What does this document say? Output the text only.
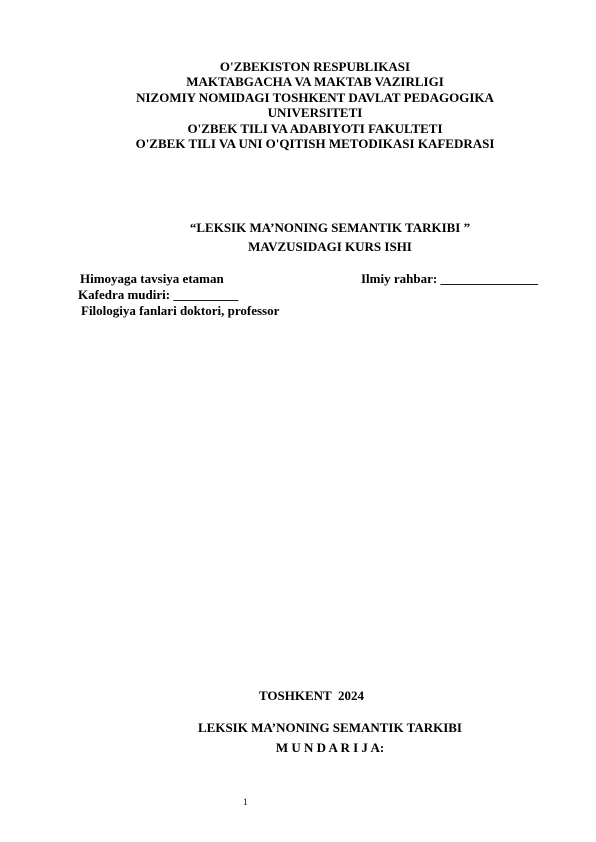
O'ZBEKISTON RESPUBLIKASI
MAKTABGACHA VA MAKTAB VAZIRLIGI
NIZOMIY NOMIDAGI TOSHKENT DAVLAT PEDAGOGIKA
UNIVERSITETI
O'ZBEK TILI VA ADABIYOTI FAKULTETI
O'ZBEK TILI VA UNI O'QITISH METODIKASI KAFEDRASI
“LEKSIK MA’NONING SEMANTIK TARKIBI ”
MAVZUSIDAGI KURS ISHI
Himoyaga tavsiya etaman	Ilmiy rahbar: _______________
Kafedra mudiri: __________
Filologiya fanlari doktori, professor
TOSHKENT  2024
LEKSIK MA’NONING SEMANTIK TARKIBI
M U N D A R I J A:
1
